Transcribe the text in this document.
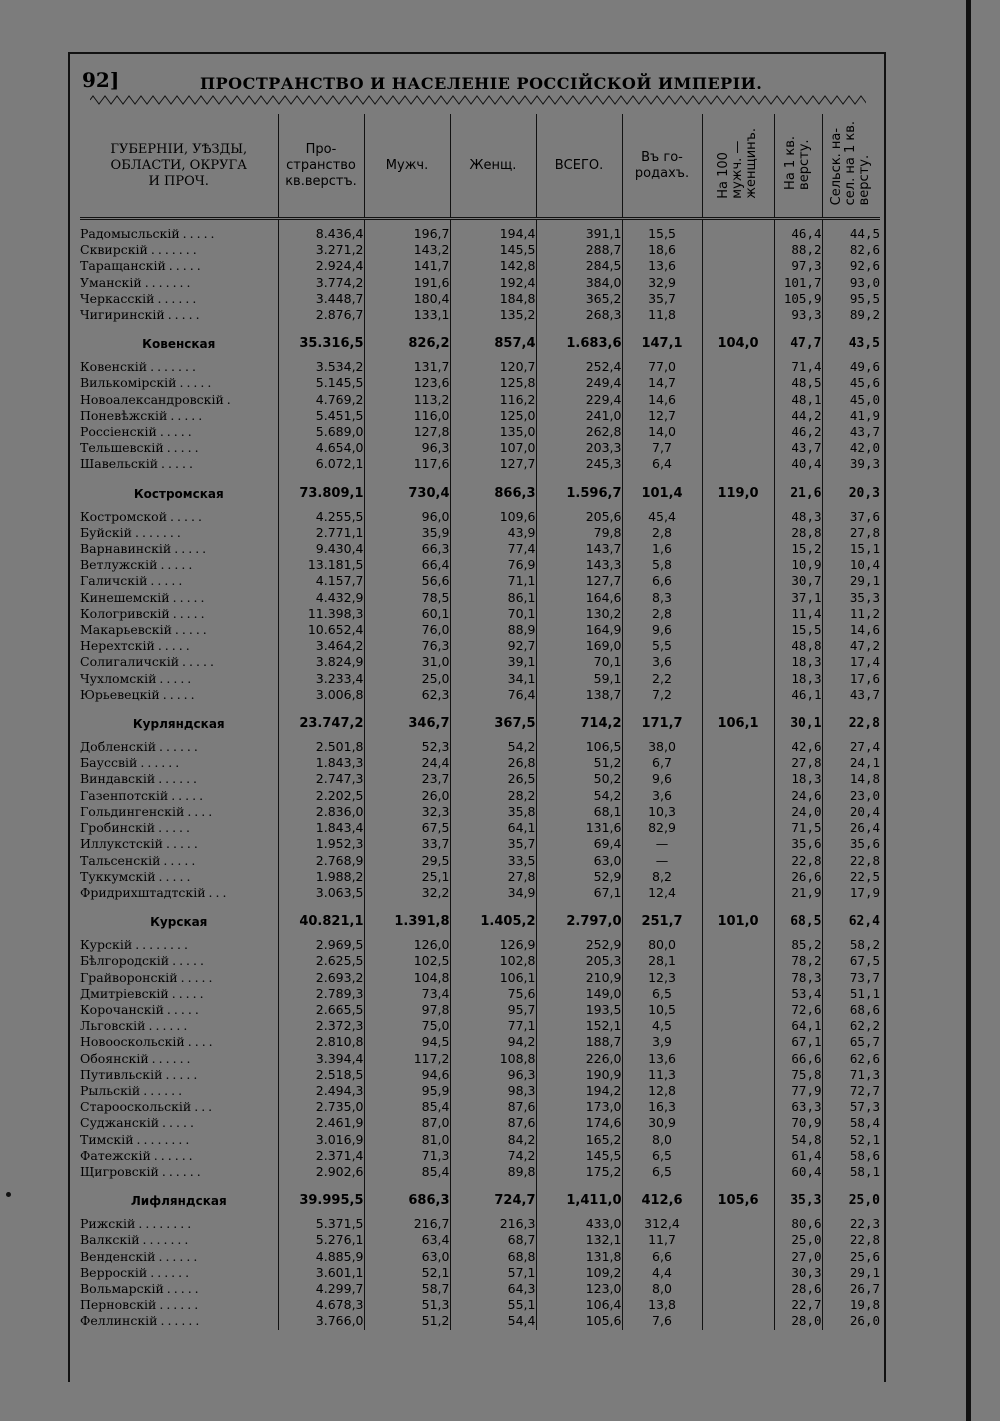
92]	ПРОСТРАНСТВО И НАСЕЛЕНІЕ РОССІЙСКОЙ ИМПЕРІИ.
ГУБЕРНІИ, УѢЗДЫ,
ОБЛАСТИ, ОКРУГА
И ПРОЧ.	Про-
странство
кв.верстъ.	Мужч.	Женщ.	ВСЕГО.	Въ го-
родахъ.	На 100
мужч. —
женщинъ.	На 1 кв.
версту.	Сельск. на-
сел. на 1 кв.
версту.

Радомысльскій .....	8.436,4	196,7	194,4	391,1	15,5		46,4	44,5
Сквирскій .......	3.271,2	143,2	145,5	288,7	18,6		88,2	82,6
Таращанскій .....	2.924,4	141,7	142,8	284,5	13,6		97,3	92,6
Уманскій .......	3.774,2	191,6	192,4	384,0	32,9		101,7	93,0
Черкасскій ......	3.448,7	180,4	184,8	365,2	35,7		105,9	95,5
Чигиринскій .....	2.876,7	133,1	135,2	268,3	11,8		93,3	89,2

Ковенская	35.316,5	826,2	857,4	1.683,6	147,1	104,0	47,7	43,5
Ковенскій .......	3.534,2	131,7	120,7	252,4	77,0		71,4	49,6
Вилькомірскій .....	5.145,5	123,6	125,8	249,4	14,7		48,5	45,6
Новоалександровскій .	4.769,2	113,2	116,2	229,4	14,6		48,1	45,0
Поневѣжскій .....	5.451,5	116,0	125,0	241,0	12,7		44,2	41,9
Россіенскій .....	5.689,0	127,8	135,0	262,8	14,0		46,2	43,7
Тельшевскій .....	4.654,0	96,3	107,0	203,3	7,7		43,7	42,0
Шавельскій .....	6.072,1	117,6	127,7	245,3	6,4		40,4	39,3

Костромская	73.809,1	730,4	866,3	1.596,7	101,4	119,0	21,6	20,3
Костромской .....	4.255,5	96,0	109,6	205,6	45,4		48,3	37,6
Буйскій .......	2.771,1	35,9	43,9	79,8	2,8		28,8	27,8
Варнавинскій .....	9.430,4	66,3	77,4	143,7	1,6		15,2	15,1
Ветлужскій .....	13.181,5	66,4	76,9	143,3	5,8		10,9	10,4
Галичскій .....	4.157,7	56,6	71,1	127,7	6,6		30,7	29,1
Кинешемскій .....	4.432,9	78,5	86,1	164,6	8,3		37,1	35,3
Кологривскій .....	11.398,3	60,1	70,1	130,2	2,8		11,4	11,2
Макарьевскій .....	10.652,4	76,0	88,9	164,9	9,6		15,5	14,6
Нерехтскій .....	3.464,2	76,3	92,7	169,0	5,5		48,8	47,2
Солигаличскій .....	3.824,9	31,0	39,1	70,1	3,6		18,3	17,4
Чухломскій .....	3.233,4	25,0	34,1	59,1	2,2		18,3	17,6
Юрьевецкій .....	3.006,8	62,3	76,4	138,7	7,2		46,1	43,7

Курляндская	23.747,2	346,7	367,5	714,2	171,7	106,1	30,1	22,8
Добленскій ......	2.501,8	52,3	54,2	106,5	38,0		42,6	27,4
Бауссвій ......	1.843,3	24,4	26,8	51,2	6,7		27,8	24,1
Виндавскій ......	2.747,3	23,7	26,5	50,2	9,6		18,3	14,8
Газенпотскій .....	2.202,5	26,0	28,2	54,2	3,6		24,6	23,0
Гольдингенскій ....	2.836,0	32,3	35,8	68,1	10,3		24,0	20,4
Гробинскій .....	1.843,4	67,5	64,1	131,6	82,9		71,5	26,4
Иллукстскій .....	1.952,3	33,7	35,7	69,4	—		35,6	35,6
Тальсенскій .....	2.768,9	29,5	33,5	63,0	—		22,8	22,8
Туккумскій .....	1.988,2	25,1	27,8	52,9	8,2		26,6	22,5
Фридрихштадтскій ...	3.063,5	32,2	34,9	67,1	12,4		21,9	17,9

Курская	40.821,1	1.391,8	1.405,2	2.797,0	251,7	101,0	68,5	62,4
Курскій ........	2.969,5	126,0	126,9	252,9	80,0		85,2	58,2
Бѣлгородскій .....	2.625,5	102,5	102,8	205,3	28,1		78,2	67,5
Грайворонскій .....	2.693,2	104,8	106,1	210,9	12,3		78,3	73,7
Дмитріевскій .....	2.789,3	73,4	75,6	149,0	6,5		53,4	51,1
Корочанскій .....	2.665,5	97,8	95,7	193,5	10,5		72,6	68,6
Льговскій ......	2.372,3	75,0	77,1	152,1	4,5		64,1	62,2
Новооскольскій ....	2.810,8	94,5	94,2	188,7	3,9		67,1	65,7
Обоянскій ......	3.394,4	117,2	108,8	226,0	13,6		66,6	62,6
Путивльскій .....	2.518,5	94,6	96,3	190,9	11,3		75,8	71,3
Рыльскій ......	2.494,3	95,9	98,3	194,2	12,8		77,9	72,7
Старооскольскій ...	2.735,0	85,4	87,6	173,0	16,3		63,3	57,3
Суджанскій .....	2.461,9	87,0	87,6	174,6	30,9		70,9	58,4
Тимскій ........	3.016,9	81,0	84,2	165,2	8,0		54,8	52,1
Фатежскій ......	2.371,4	71,3	74,2	145,5	6,5		61,4	58,6
Щигровскій ......	2.902,6	85,4	89,8	175,2	6,5		60,4	58,1

Лифляндская	39.995,5	686,3	724,7	1,411,0	412,6	105,6	35,3	25,0
Рижскій ........	5.371,5	216,7	216,3	433,0	312,4		80,6	22,3
Валкскій .......	5.276,1	63,4	68,7	132,1	11,7		25,0	22,8
Венденскій ......	4.885,9	63,0	68,8	131,8	6,6		27,0	25,6
Верроскій ......	3.601,1	52,1	57,1	109,2	4,4		30,3	29,1
Вольмарскій .....	4.299,7	58,7	64,3	123,0	8,0		28,6	26,7
Перновскій ......	4.678,3	51,3	55,1	106,4	13,8		22,7	19,8
Феллинскій ......	3.766,0	51,2	54,4	105,6	7,6		28,0	26,0
